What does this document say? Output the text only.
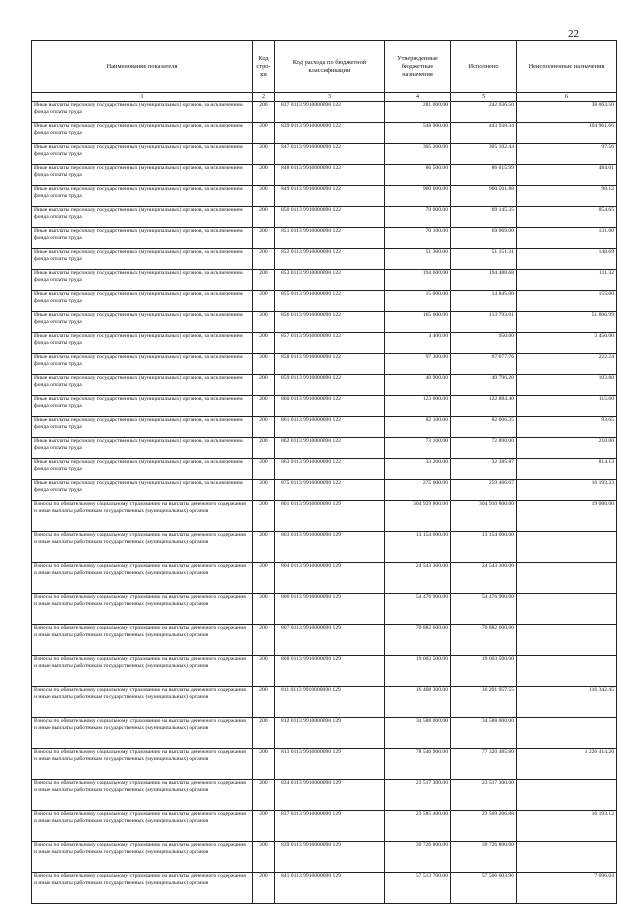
22
Наименование показателя	Код стро-ки	Код расхода по бюджетной классификации	Утвержденные бюджетные назначения	Исполнено	Неисполненные назначения
1	2	3	4	5	6
Иные выплаты персоналу государственных (муниципальных) органов, за исключением фонда оплаты труда	200	837 0113 9910000090 122	281 000.00	242 936.50	38 063.50
Иные выплаты персоналу государственных (муниципальных) органов, за исключением фонда оплаты труда	200	839 0113 9910000090 122	548 900.00	443 938.34	104 961.66
Иные выплаты персоналу государственных (муниципальных) органов, за исключением фонда оплаты труда	200	847 0113 9910000090 122	305 200.00	305 102.44	97.56
Иные выплаты персоналу государственных (муниципальных) органов, за исключением фонда оплаты труда	200	848 0113 9910000090 122	86 500.00	86 015.99	484.01
Иные выплаты персоналу государственных (муниципальных) органов, за исключением фонда оплаты труда	200	849 0113 9910000090 122	960 600.00	960 501.88	98.12
Иные выплаты персоналу государственных (муниципальных) органов, за исключением фонда оплаты труда	200	850 0113 9910000090 122	70 000.00	69 145.35	854.65
Иные выплаты персоналу государственных (муниципальных) органов, за исключением фонда оплаты труда	200	851 0113 9910000090 122	70 100.00	69 969.00	131.00
Иные выплаты персоналу государственных (муниципальных) органов, за исключением фонда оплаты труда	200	852 0113 9910000090 122	51 300.00	51 151.31	148.69
Иные выплаты персоналу государственных (муниципальных) органов, за исключением фонда оплаты труда	200	853 0113 9910000090 122	194 600.00	194 488.68	111.32
Иные выплаты персоналу государственных (муниципальных) органов, за исключением фонда оплаты труда	200	855 0113 9910000090 122	15 000.00	14 845.00	155.00
Иные выплаты персоналу государственных (муниципальных) органов, за исключением фонда оплаты труда	200	856 0113 9910000090 122	165 600.00	113 793.01	51 806.99
Иные выплаты персоналу государственных (муниципальных) органов, за исключением фонда оплаты труда	200	857 0113 9910000090 122	4 400.00	950.00	3 450.00
Иные выплаты персоналу государственных (муниципальных) органов, за исключением фонда оплаты труда	200	858 0113 9910000090 122	97 300.00	97 077.76	222.24
Иные выплаты персоналу государственных (муниципальных) органов, за исключением фонда оплаты труда	200	859 0113 9910000090 122	40 900.00	40 796.20	103.80
Иные выплаты персоналу государственных (муниципальных) органов, за исключением фонда оплаты труда	200	860 0113 9910000090 122	123 000.00	122 884.40	115.60
Иные выплаты персоналу государственных (муниципальных) органов, за исключением фонда оплаты труда	200	861 0113 9910000090 122	82 100.00	82 006.35	93.65
Иные выплаты персоналу государственных (муниципальных) органов, за исключением фонда оплаты труда	200	862 0113 9910000090 122	73 100.00	72 890.00	210.00
Иные выплаты персоналу государственных (муниципальных) органов, за исключением фонда оплаты труда	200	863 0113 9910000090 122	33 200.00	32 385.87	814.13
Иные выплаты персоналу государственных (муниципальных) органов, за исключением фонда оплаты труда	200	875 0113 9910000090 122	275 600.00	259 406.67	16 193.33
Взносы по обязательному социальному страхованию на выплаты денежного содержания и иные выплаты работникам государственных (муниципальных) органов	200	801 0113 9910000090 129	304 929 800.00	304 910 800.00	19 000.00
Взносы по обязательному социальному страхованию на выплаты денежного содержания и иные выплаты работникам государственных (муниципальных) органов	200	803 0113 9910000090 129	13 154 000.00	13 154 000.00	
Взносы по обязательному социальному страхованию на выплаты денежного содержания и иные выплаты работникам государственных (муниципальных) органов	200	804 0113 9910000090 129	24 543 300.00	24 543 300.00	
Взносы по обязательному социальному страхованию на выплаты денежного содержания и иные выплаты работникам государственных (муниципальных) органов	200	806 0113 9910000090 129	54 476 900.00	54 476 900.00	
Взносы по обязательному социальному страхованию на выплаты денежного содержания и иные выплаты работникам государственных (муниципальных) органов	200	807 0113 9910000090 129	70 882 600.00	70 882 600.00	
Взносы по обязательному социальному страхованию на выплаты денежного содержания и иные выплаты работникам государственных (муниципальных) органов	200	808 0113 9910000090 129	19 003 500.00	19 003 500.00	
Взносы по обязательному социальному страхованию на выплаты денежного содержания и иные выплаты работникам государственных (муниципальных) органов	200	811 0113 9910000090 129	16 408 300.00	16 291 957.55	116 342.45
Взносы по обязательному социальному страхованию на выплаты денежного содержания и иные выплаты работникам государственных (муниципальных) органов	200	812 0113 9910000090 129	34 588 000.00	34 588 000.00	
Взносы по обязательному социальному страхованию на выплаты денежного содержания и иные выплаты работникам государственных (муниципальных) органов	200	813 0113 9910000090 129	78 546 900.00	77 320 485.80	1 226 414.20
Взносы по обязательному социальному страхованию на выплаты денежного содержания и иные выплаты работникам государственных (муниципальных) органов	200	834 0113 9910000090 129	23 517 300.00	23 517 300.00	
Взносы по обязательному социальному страхованию на выплаты денежного содержания и иные выплаты работникам государственных (муниципальных) органов	200	837 0113 9910000090 129	23 585 400.00	23 569 206.88	16 193.12
Взносы по обязательному социальному страхованию на выплаты денежного содержания и иные выплаты работникам государственных (муниципальных) органов	200	839 0113 9910000090 129	39 726 800.00	39 726 800.00	
Взносы по обязательному социальному страхованию на выплаты денежного содержания и иные выплаты работникам государственных (муниципальных) органов	200	841 0113 9910000090 129	57 513 700.00	57 506 603.96	7 096.04
